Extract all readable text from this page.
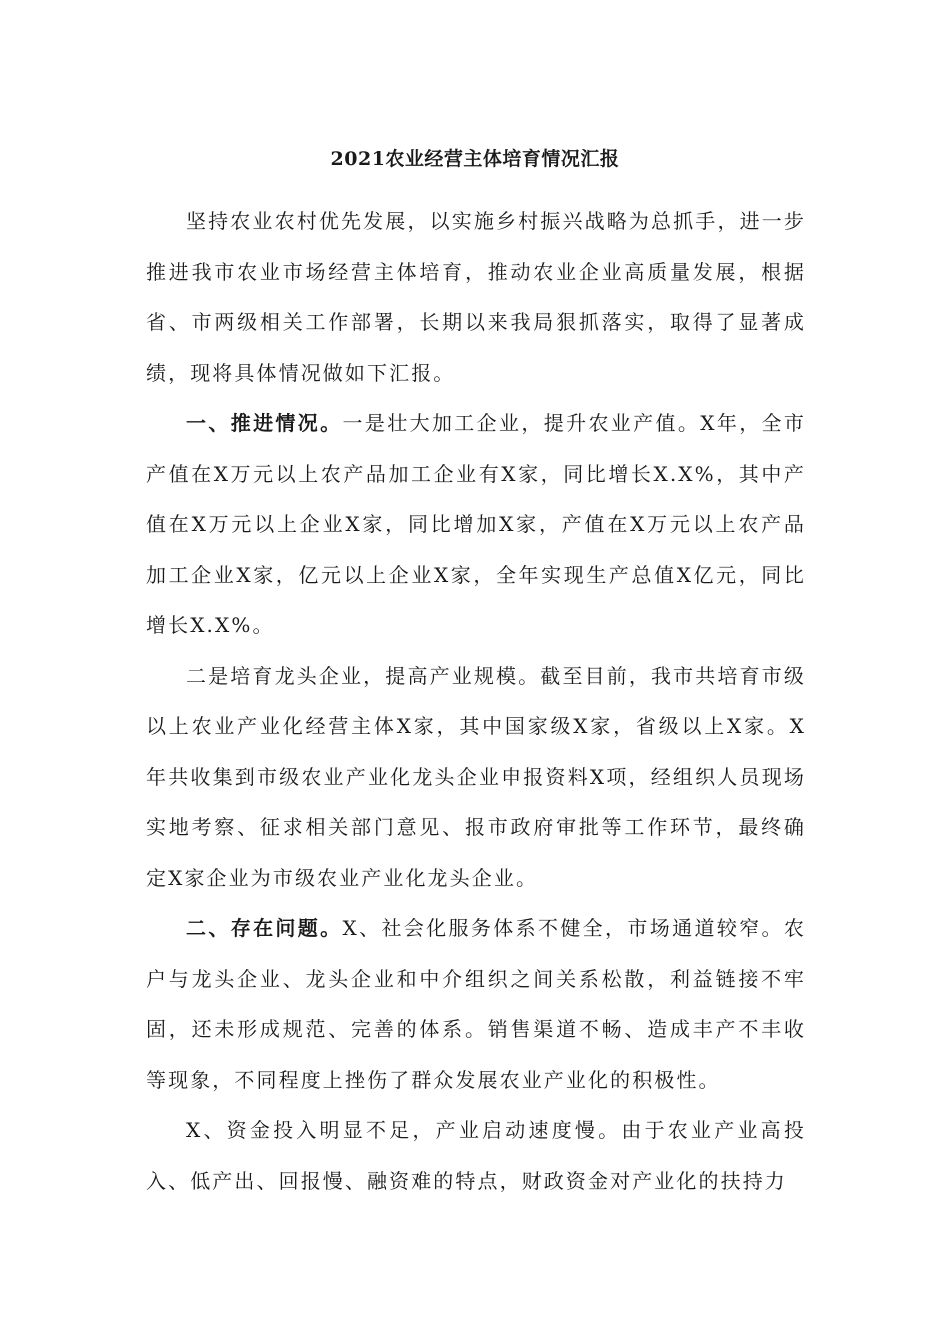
2021农业经营主体培育情况汇报

坚持农业农村优先发展，以实施乡村振兴战略为总抓手，进一步推进我市农业市场经营主体培育，推动农业企业高质量发展，根据省、市两级相关工作部署，长期以来我局狠抓落实，取得了显著成绩，现将具体情况做如下汇报。

一、推进情况。一是壮大加工企业，提升农业产值。X年，全市产值在X万元以上农产品加工企业有X家，同比增长X.X%，其中产值在X万元以上企业X家，同比增加X家，产值在X万元以上农产品加工企业X家，亿元以上企业X家，全年实现生产总值X亿元，同比增长X.X%。

二是培育龙头企业，提高产业规模。截至目前，我市共培育市级以上农业产业化经营主体X家，其中国家级X家，省级以上X家。X年共收集到市级农业产业化龙头企业申报资料X项，经组织人员现场实地考察、征求相关部门意见、报市政府审批等工作环节，最终确定X家企业为市级农业产业化龙头企业。

二、存在问题。X、社会化服务体系不健全，市场通道较窄。农户与龙头企业、龙头企业和中介组织之间关系松散，利益链接不牢固，还未形成规范、完善的体系。销售渠道不畅、造成丰产不丰收等现象，不同程度上挫伤了群众发展农业产业化的积极性。

X、资金投入明显不足，产业启动速度慢。由于农业产业高投入、低产出、回报慢、融资难的特点，财政资金对产业化的扶持力
